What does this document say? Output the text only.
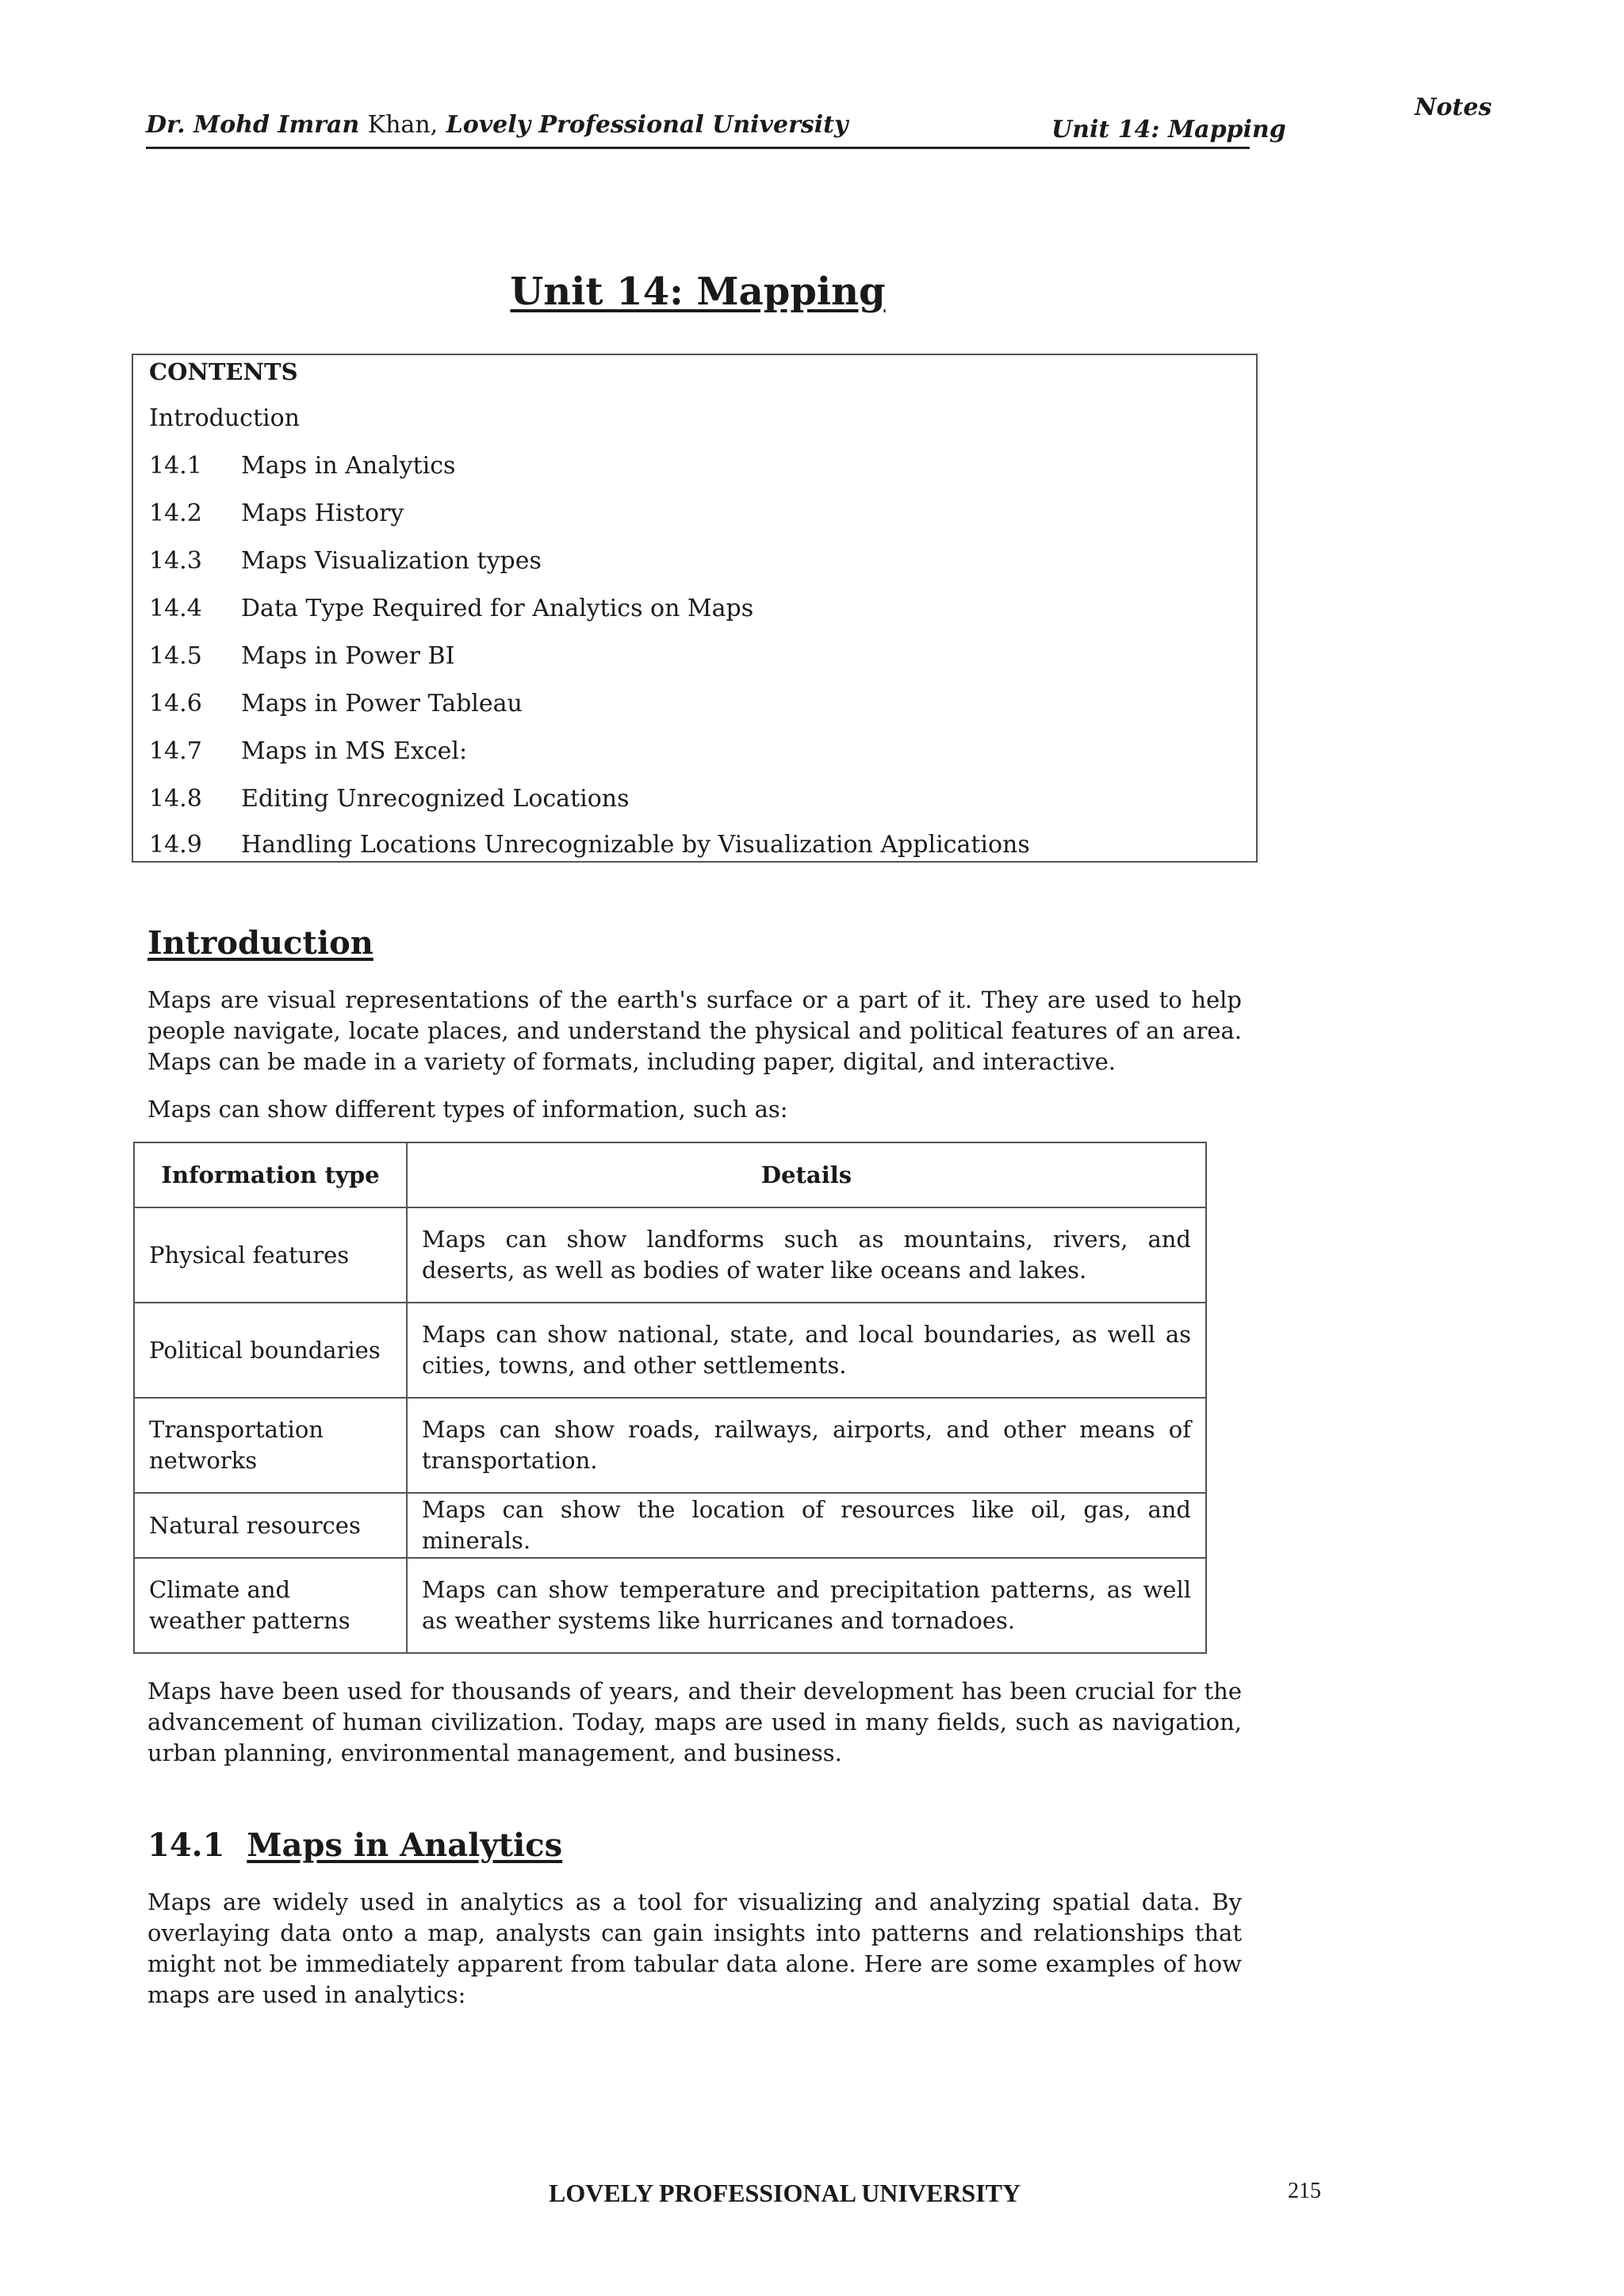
Dr. Mohd Imran Khan, Lovely Professional University	Unit 14: Mapping
Notes
Unit 14: Mapping
CONTENTS
Introduction
14.1 Maps in Analytics
14.2 Maps History
14.3 Maps Visualization types
14.4 Data Type Required for Analytics on Maps
14.5 Maps in Power BI
14.6 Maps in Power Tableau
14.7 Maps in MS Excel:
14.8 Editing Unrecognized Locations
14.9 Handling Locations Unrecognizable by Visualization Applications
Introduction
Maps are visual representations of the earth's surface or a part of it. They are used to help people navigate, locate places, and understand the physical and political features of an area. Maps can be made in a variety of formats, including paper, digital, and interactive.
Maps can show different types of information, such as:
Information type	Details
Physical features	Maps can show landforms such as mountains, rivers, and deserts, as well as bodies of water like oceans and lakes.
Political boundaries	Maps can show national, state, and local boundaries, as well as cities, towns, and other settlements.
Transportation networks	Maps can show roads, railways, airports, and other means of transportation.
Natural resources	Maps can show the location of resources like oil, gas, and minerals.
Climate and weather patterns	Maps can show temperature and precipitation patterns, as well as weather systems like hurricanes and tornadoes.
Maps have been used for thousands of years, and their development has been crucial for the advancement of human civilization. Today, maps are used in many fields, such as navigation, urban planning, environmental management, and business.
14.1 Maps in Analytics
Maps are widely used in analytics as a tool for visualizing and analyzing spatial data. By overlaying data onto a map, analysts can gain insights into patterns and relationships that might not be immediately apparent from tabular data alone. Here are some examples of how maps are used in analytics:
LOVELY PROFESSIONAL UNIVERSITY	215
